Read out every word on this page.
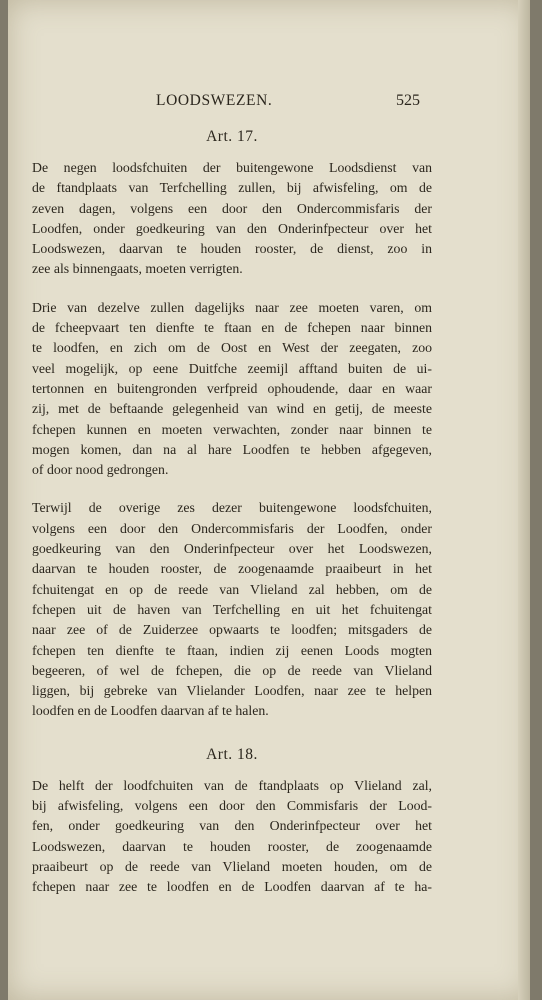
LOODSWEZEN.	525
Art. 17.
De negen loodsfchuiten der buitengewone Loodsdienst van
de ftandplaats van Terfchelling zullen, bij afwisfeling, om de
zeven dagen, volgens een door den Ondercommisfaris der
Loodfen, onder goedkeuring van den Onderinfpecteur over het
Loodswezen, daarvan te houden rooster, de dienst, zoo in
zee als binnengaats, moeten verrigten.
Drie van dezelve zullen dagelijks naar zee moeten varen, om
de fcheepvaart ten dienfte te ftaan en de fchepen naar binnen
te loodfen, en zich om de Oost en West der zeegaten, zoo
veel mogelijk, op eene Duitfche zeemijl afftand buiten de ui-
tertonnen en buitengronden verfpreid ophoudende, daar en waar
zij, met de beftaande gelegenheid van wind en getij, de meeste
fchepen kunnen en moeten verwachten, zonder naar binnen te
mogen komen, dan na al hare Loodfen te hebben afgegeven,
of door nood gedrongen.
Terwijl de overige zes dezer buitengewone loodsfchuiten,
volgens een door den Ondercommisfaris der Loodfen, onder
goedkeuring van den Onderinfpecteur over het Loodswezen,
daarvan te houden rooster, de zoogenaamde praaibeurt in het
fchuitengat en op de reede van Vlieland zal hebben, om de
fchepen uit de haven van Terfchelling en uit het fchuitengat
naar zee of de Zuiderzee opwaarts te loodfen; mitsgaders de
fchepen ten dienfte te ftaan, indien zij eenen Loods mogten
begeeren, of wel de fchepen, die op de reede van Vlieland
liggen, bij gebreke van Vlielander Loodfen, naar zee te helpen
loodfen en de Loodfen daarvan af te halen.
Art. 18.
De helft der loodfchuiten van de ftandplaats op Vlieland zal,
bij afwisfeling, volgens een door den Commisfaris der Lood-
fen, onder goedkeuring van den Onderinfpecteur over het
Loodswezen, daarvan te houden rooster, de zoogenaamde
praaibeurt op de reede van Vlieland moeten houden, om de
fchepen naar zee te loodfen en de Loodfen daarvan af te ha-
